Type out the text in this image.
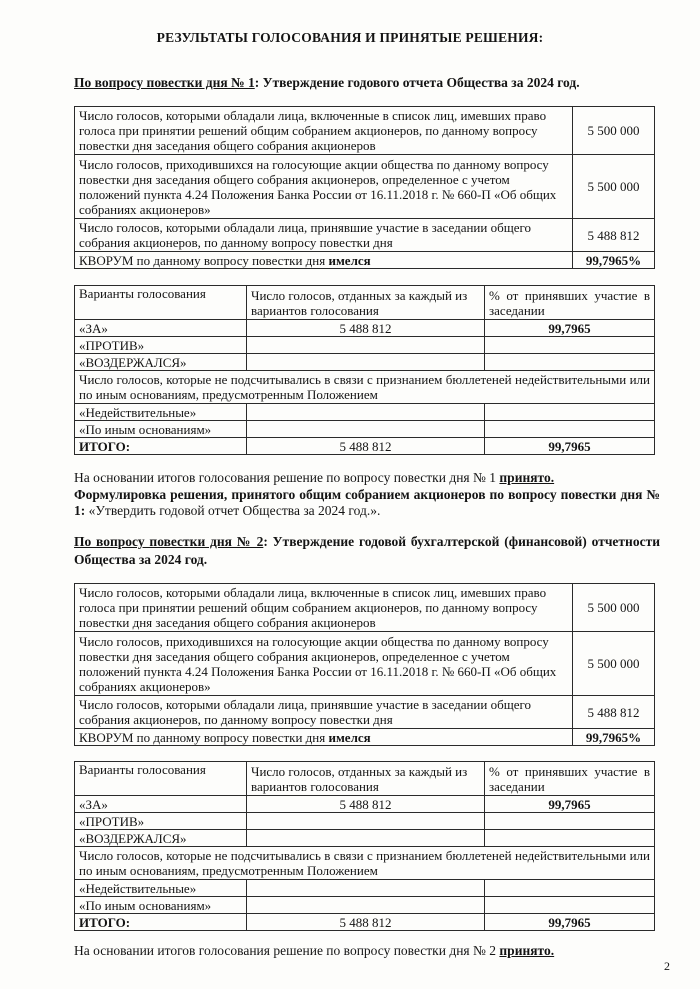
РЕЗУЛЬТАТЫ ГОЛОСОВАНИЯ И ПРИНЯТЫЕ РЕШЕНИЯ:
По вопросу повестки дня № 1: Утверждение годового отчета Общества за 2024 год.
Число голосов, которыми обладали лица, включенные в список лиц, имевших право голоса при принятии решений общим собранием акционеров, по данному вопросу повестки дня заседания общего собрания акционеров	5 500 000
Число голосов, приходившихся на голосующие акции общества по данному вопросу повестки дня заседания общего собрания акционеров, определенное с учетом положений пункта 4.24 Положения Банка России от 16.11.2018 г. № 660-П «Об общих собраниях акционеров»	5 500 000
Число голосов, которыми обладали лица, принявшие участие в заседании общего собрания акционеров, по данному вопросу повестки дня	5 488 812
КВОРУМ по данному вопросу повестки дня имелся	99,7965%
Варианты голосования	Число голосов, отданных за каждый из вариантов голосования	% от принявших участие в заседании
«ЗА»	5 488 812	99,7965
«ПРОТИВ»		
«ВОЗДЕРЖАЛСЯ»		
Число голосов, которые не подсчитывались в связи с признанием бюллетеней недействительными или по иным основаниям, предусмотренным Положением		
«Недействительные»		
«По иным основаниям»		
ИТОГО:	5 488 812	99,7965
На основании итогов голосования решение по вопросу повестки дня № 1 принято.
Формулировка решения, принятого общим собранием акционеров по вопросу повестки дня № 1: «Утвердить годовой отчет Общества за 2024 год.».
По вопросу повестки дня № 2: Утверждение годовой бухгалтерской (финансовой) отчетности Общества за 2024 год.
Число голосов, которыми обладали лица, включенные в список лиц, имевших право голоса при принятии решений общим собранием акционеров, по данному вопросу повестки дня заседания общего собрания акционеров	5 500 000
Число голосов, приходившихся на голосующие акции общества по данному вопросу повестки дня заседания общего собрания акционеров, определенное с учетом положений пункта 4.24 Положения Банка России от 16.11.2018 г. № 660-П «Об общих собраниях акционеров»	5 500 000
Число голосов, которыми обладали лица, принявшие участие в заседании общего собрания акционеров, по данному вопросу повестки дня	5 488 812
КВОРУМ по данному вопросу повестки дня имелся	99,7965%
Варианты голосования	Число голосов, отданных за каждый из вариантов голосования	% от принявших участие в заседании
«ЗА»	5 488 812	99,7965
«ПРОТИВ»		
«ВОЗДЕРЖАЛСЯ»		
Число голосов, которые не подсчитывались в связи с признанием бюллетеней недействительными или по иным основаниям, предусмотренным Положением		
«Недействительные»		
«По иным основаниям»		
ИТОГО:	5 488 812	99,7965
На основании итогов голосования решение по вопросу повестки дня № 2 принято.
2
